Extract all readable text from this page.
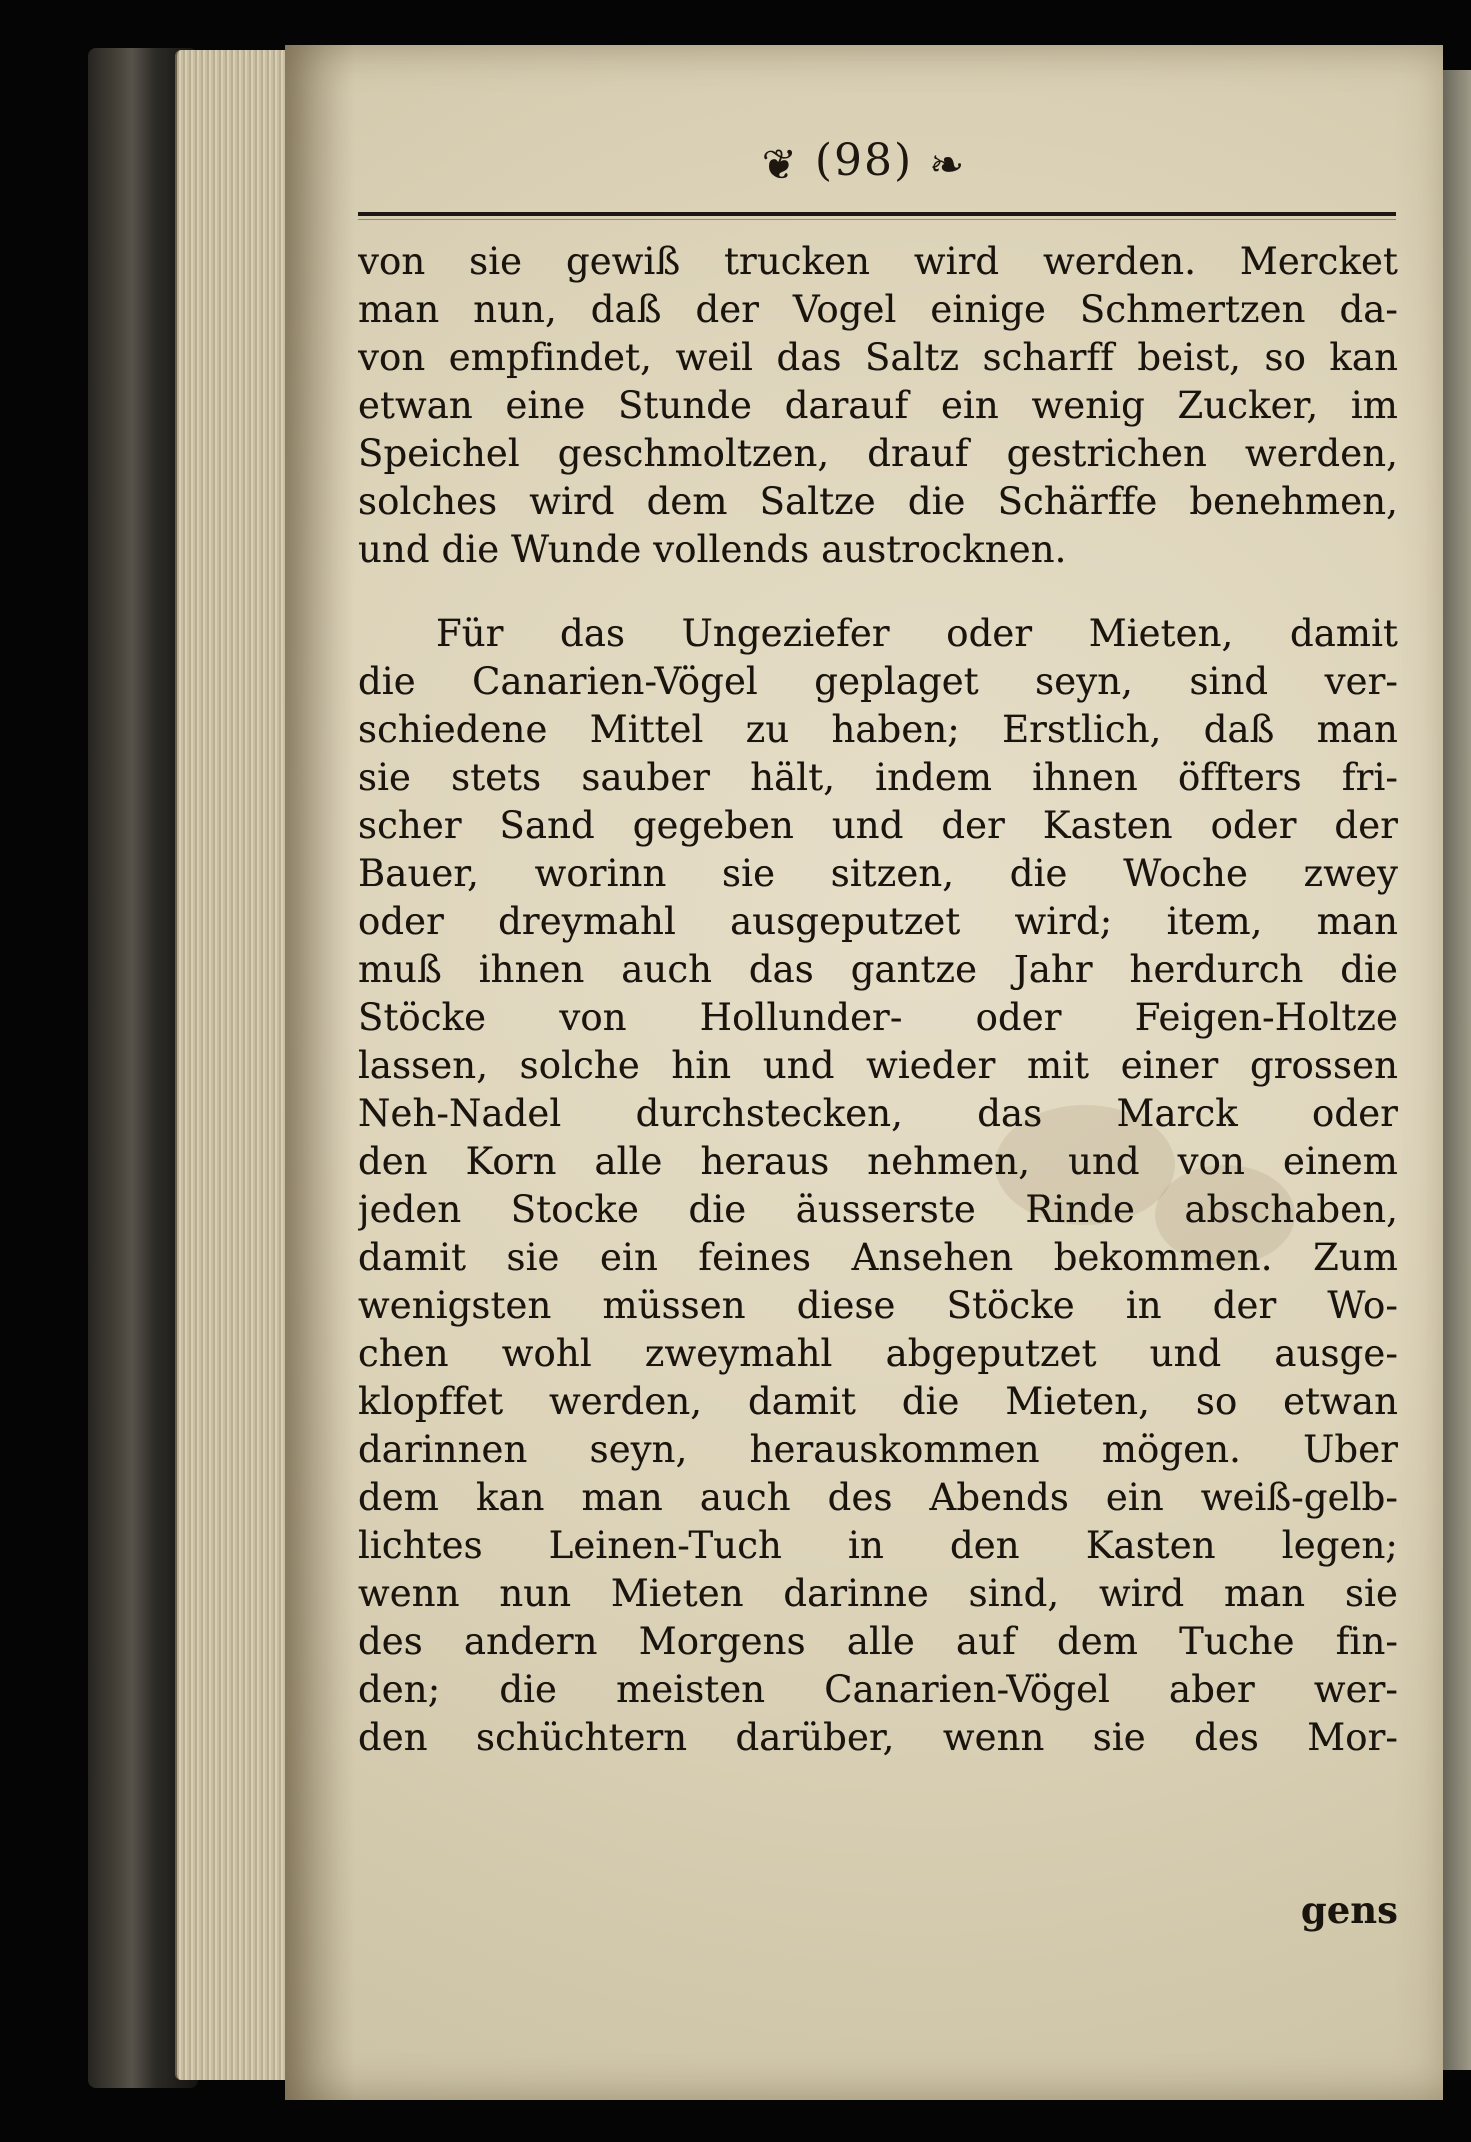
❦ (98) ❧
von sie gewiß trucken wird werden. Mercket
man nun, daß der Vogel einige Schmertzen da-
von empfindet, weil das Saltz scharff beist, so kan
etwan eine Stunde darauf ein wenig Zucker, im
Speichel geschmoltzen, drauf gestrichen werden,
solches wird dem Saltze die Schärffe benehmen,
und die Wunde vollends austrocknen.
Für das Ungeziefer oder Mieten, damit
die Canarien-Vögel geplaget seyn, sind ver-
schiedene Mittel zu haben; Erstlich, daß man
sie stets sauber hält, indem ihnen öffters fri-
scher Sand gegeben und der Kasten oder der
Bauer, worinn sie sitzen, die Woche zwey
oder dreymahl ausgeputzet wird; item, man
muß ihnen auch das gantze Jahr herdurch die
Stöcke von Hollunder- oder Feigen-Holtze
lassen, solche hin und wieder mit einer grossen
Neh-Nadel durchstecken, das Marck oder
den Korn alle heraus nehmen, und von einem
jeden Stocke die äusserste Rinde abschaben,
damit sie ein feines Ansehen bekommen. Zum
wenigsten müssen diese Stöcke in der Wo-
chen wohl zweymahl abgeputzet und ausge-
klopffet werden, damit die Mieten, so etwan
darinnen seyn, herauskommen mögen. Uber
dem kan man auch des Abends ein weiß-gelb-
lichtes Leinen-Tuch in den Kasten legen;
wenn nun Mieten darinne sind, wird man sie
des andern Morgens alle auf dem Tuche fin-
den; die meisten Canarien-Vögel aber wer-
den schüchtern darüber, wenn sie des Mor-
gens
